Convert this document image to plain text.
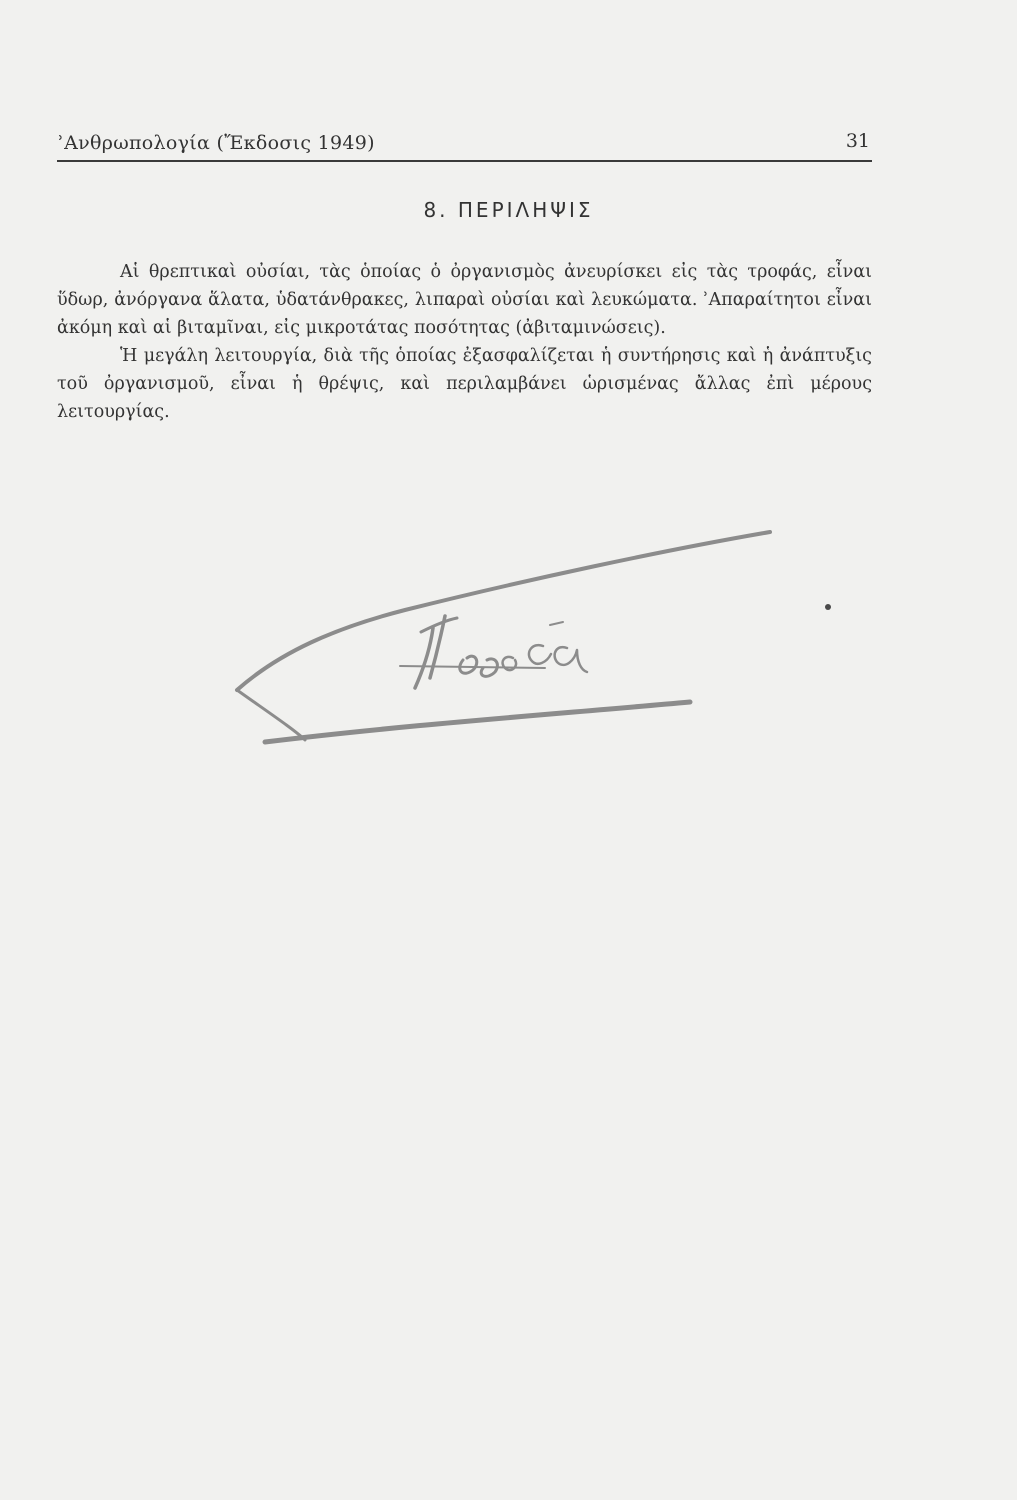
ʾΑνθρωπολογία (Ἔκδοσις 1949)	31
8. ΠΕΡΙΛΗΨΙΣ

Αἱ θρεπτικαὶ οὐσίαι, τὰς ὁποίας ὁ ὀργανισμὸς ἀνευρίσκει εἰς τὰς τροφάς, εἶναι ὕδωρ, ἀνόργανα ἅλατα, ὑδατάνθρακες, λιπαραὶ οὐσίαι καὶ λευκώματα. ʾΑπαραίτητοι εἶναι ἀκόμη καὶ αἱ βιταμῖναι, εἰς μικροτάτας ποσότητας (ἀβιταμινώσεις).

Ἡ μεγάλη λειτουργία, διὰ τῆς ὁποίας ἐξασφαλίζεται ἡ συντήρησις καὶ ἡ ἀνάπτυξις τοῦ ὀργανισμοῦ, εἶναι ἡ θρέψις, καὶ περιλαμβάνει ὡρισμένας ἄλλας ἐπὶ μέρους λειτουργίας.
